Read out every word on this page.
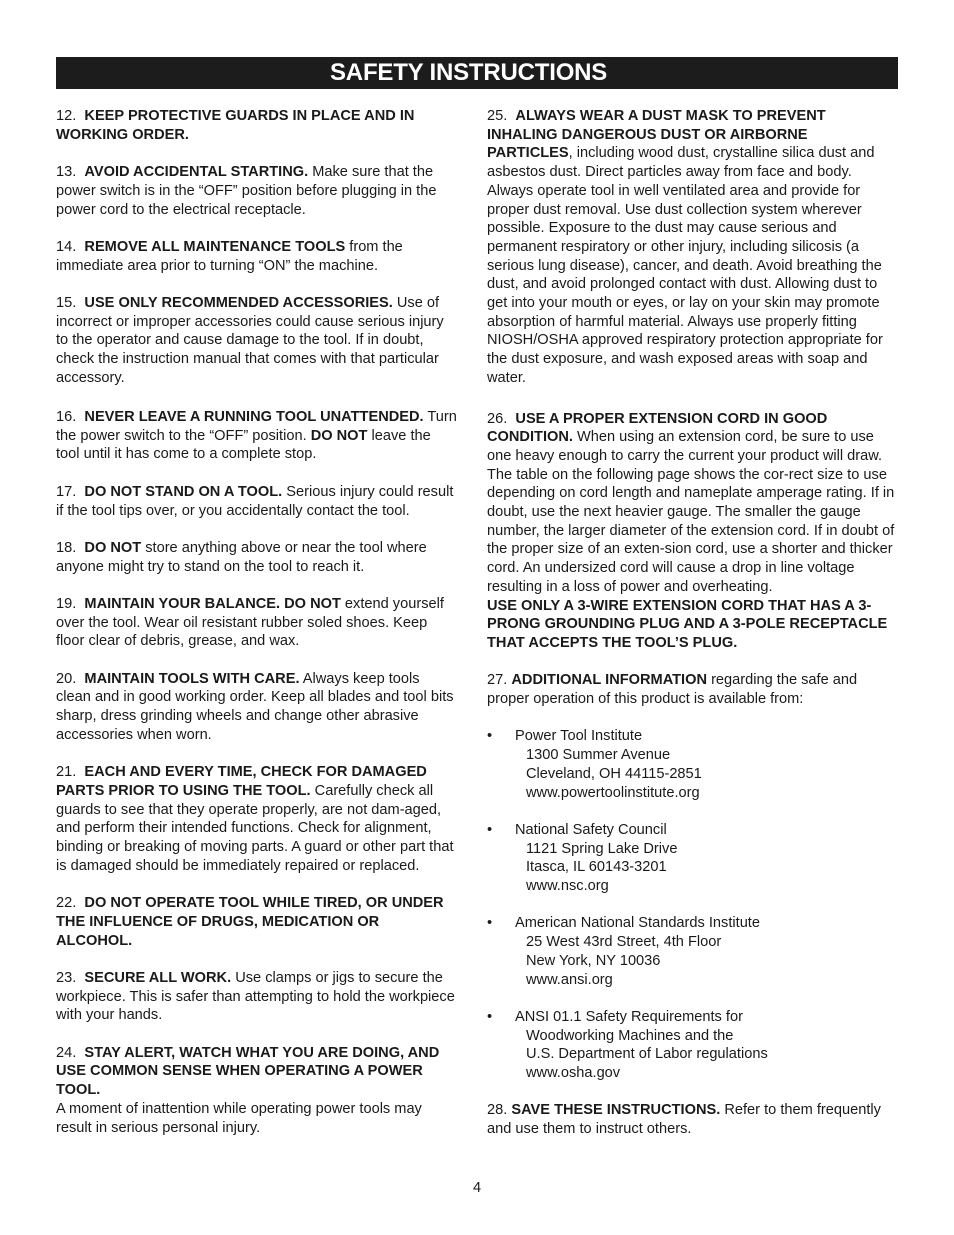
SAFETY INSTRUCTIONS

12. KEEP PROTECTIVE GUARDS IN PLACE AND IN WORKING ORDER.

13. AVOID ACCIDENTAL STARTING. Make sure that the power switch is in the “OFF” position before plugging in the power cord to the electrical receptacle.

14. REMOVE ALL MAINTENANCE TOOLS from the immediate area prior to turning “ON” the machine.

15. USE ONLY RECOMMENDED ACCESSORIES. Use of incorrect or improper accessories could cause serious injury to the operator and cause damage to the tool. If in doubt, check the instruction manual that comes with that particular accessory.

16. NEVER LEAVE A RUNNING TOOL UNATTENDED. Turn the power switch to the “OFF” position. DO NOT leave the tool until it has come to a complete stop.

17. DO NOT STAND ON A TOOL. Serious injury could result if the tool tips over, or you accidentally contact the tool.

18. DO NOT store anything above or near the tool where anyone might try to stand on the tool to reach it.

19. MAINTAIN YOUR BALANCE. DO NOT extend yourself over the tool. Wear oil resistant rubber soled shoes. Keep floor clear of debris, grease, and wax.

20. MAINTAIN TOOLS WITH CARE. Always keep tools clean and in good working order. Keep all blades and tool bits sharp, dress grinding wheels and change other abrasive accessories when worn.

21. EACH AND EVERY TIME, CHECK FOR DAMAGED PARTS PRIOR TO USING THE TOOL. Carefully check all guards to see that they operate properly, are not dam-aged, and perform their intended functions. Check for alignment, binding or breaking of moving parts. A guard or other part that is damaged should be immediately repaired or replaced.

22. DO NOT OPERATE TOOL WHILE TIRED, OR UNDER THE INFLUENCE OF DRUGS, MEDICATION OR ALCOHOL.

23. SECURE ALL WORK. Use clamps or jigs to secure the workpiece. This is safer than attempting to hold the workpiece with your hands.

24. STAY ALERT, WATCH WHAT YOU ARE DOING, AND USE COMMON SENSE WHEN OPERATING A POWER TOOL.
A moment of inattention while operating power tools may result in serious personal injury.

25. ALWAYS WEAR A DUST MASK TO PREVENT INHALING DANGEROUS DUST OR AIRBORNE PARTICLES, including wood dust, crystalline silica dust and asbestos dust. Direct particles away from face and body. Always operate tool in well ventilated area and provide for proper dust removal. Use dust collection system wherever possible. Exposure to the dust may cause serious and permanent respiratory or other injury, including silicosis (a serious lung disease), cancer, and death. Avoid breathing the dust, and avoid prolonged contact with dust. Allowing dust to get into your mouth or eyes, or lay on your skin may promote absorption of harmful material. Always use properly fitting NIOSH/OSHA approved respiratory protection appropriate for the dust exposure, and wash exposed areas with soap and water.

26. USE A PROPER EXTENSION CORD IN GOOD CONDITION. When using an extension cord, be sure to use one heavy enough to carry the current your product will draw. The table on the following page shows the cor-rect size to use depending on cord length and nameplate amperage rating. If in doubt, use the next heavier gauge. The smaller the gauge number, the larger diameter of the extension cord. If in doubt of the proper size of an exten-sion cord, use a shorter and thicker cord. An undersized cord will cause a drop in line voltage resulting in a loss of power and overheating.
USE ONLY A 3-WIRE EXTENSION CORD THAT HAS A 3-PRONG GROUNDING PLUG AND A 3-POLE RECEPTACLE THAT ACCEPTS THE TOOL’S PLUG.

27. ADDITIONAL INFORMATION regarding the safe and proper operation of this product is available from:

• Power Tool Institute
1300 Summer Avenue
Cleveland, OH 44115-2851
www.powertoolinstitute.org
• National Safety Council
1121 Spring Lake Drive
Itasca, IL 60143-3201
www.nsc.org
• American National Standards Institute
25 West 43rd Street, 4th Floor
New York, NY 10036
www.ansi.org
• ANSI 01.1 Safety Requirements for
Woodworking Machines and the
U.S. Department of Labor regulations
www.osha.gov

28. SAVE THESE INSTRUCTIONS. Refer to them frequently and use them to instruct others.

4
